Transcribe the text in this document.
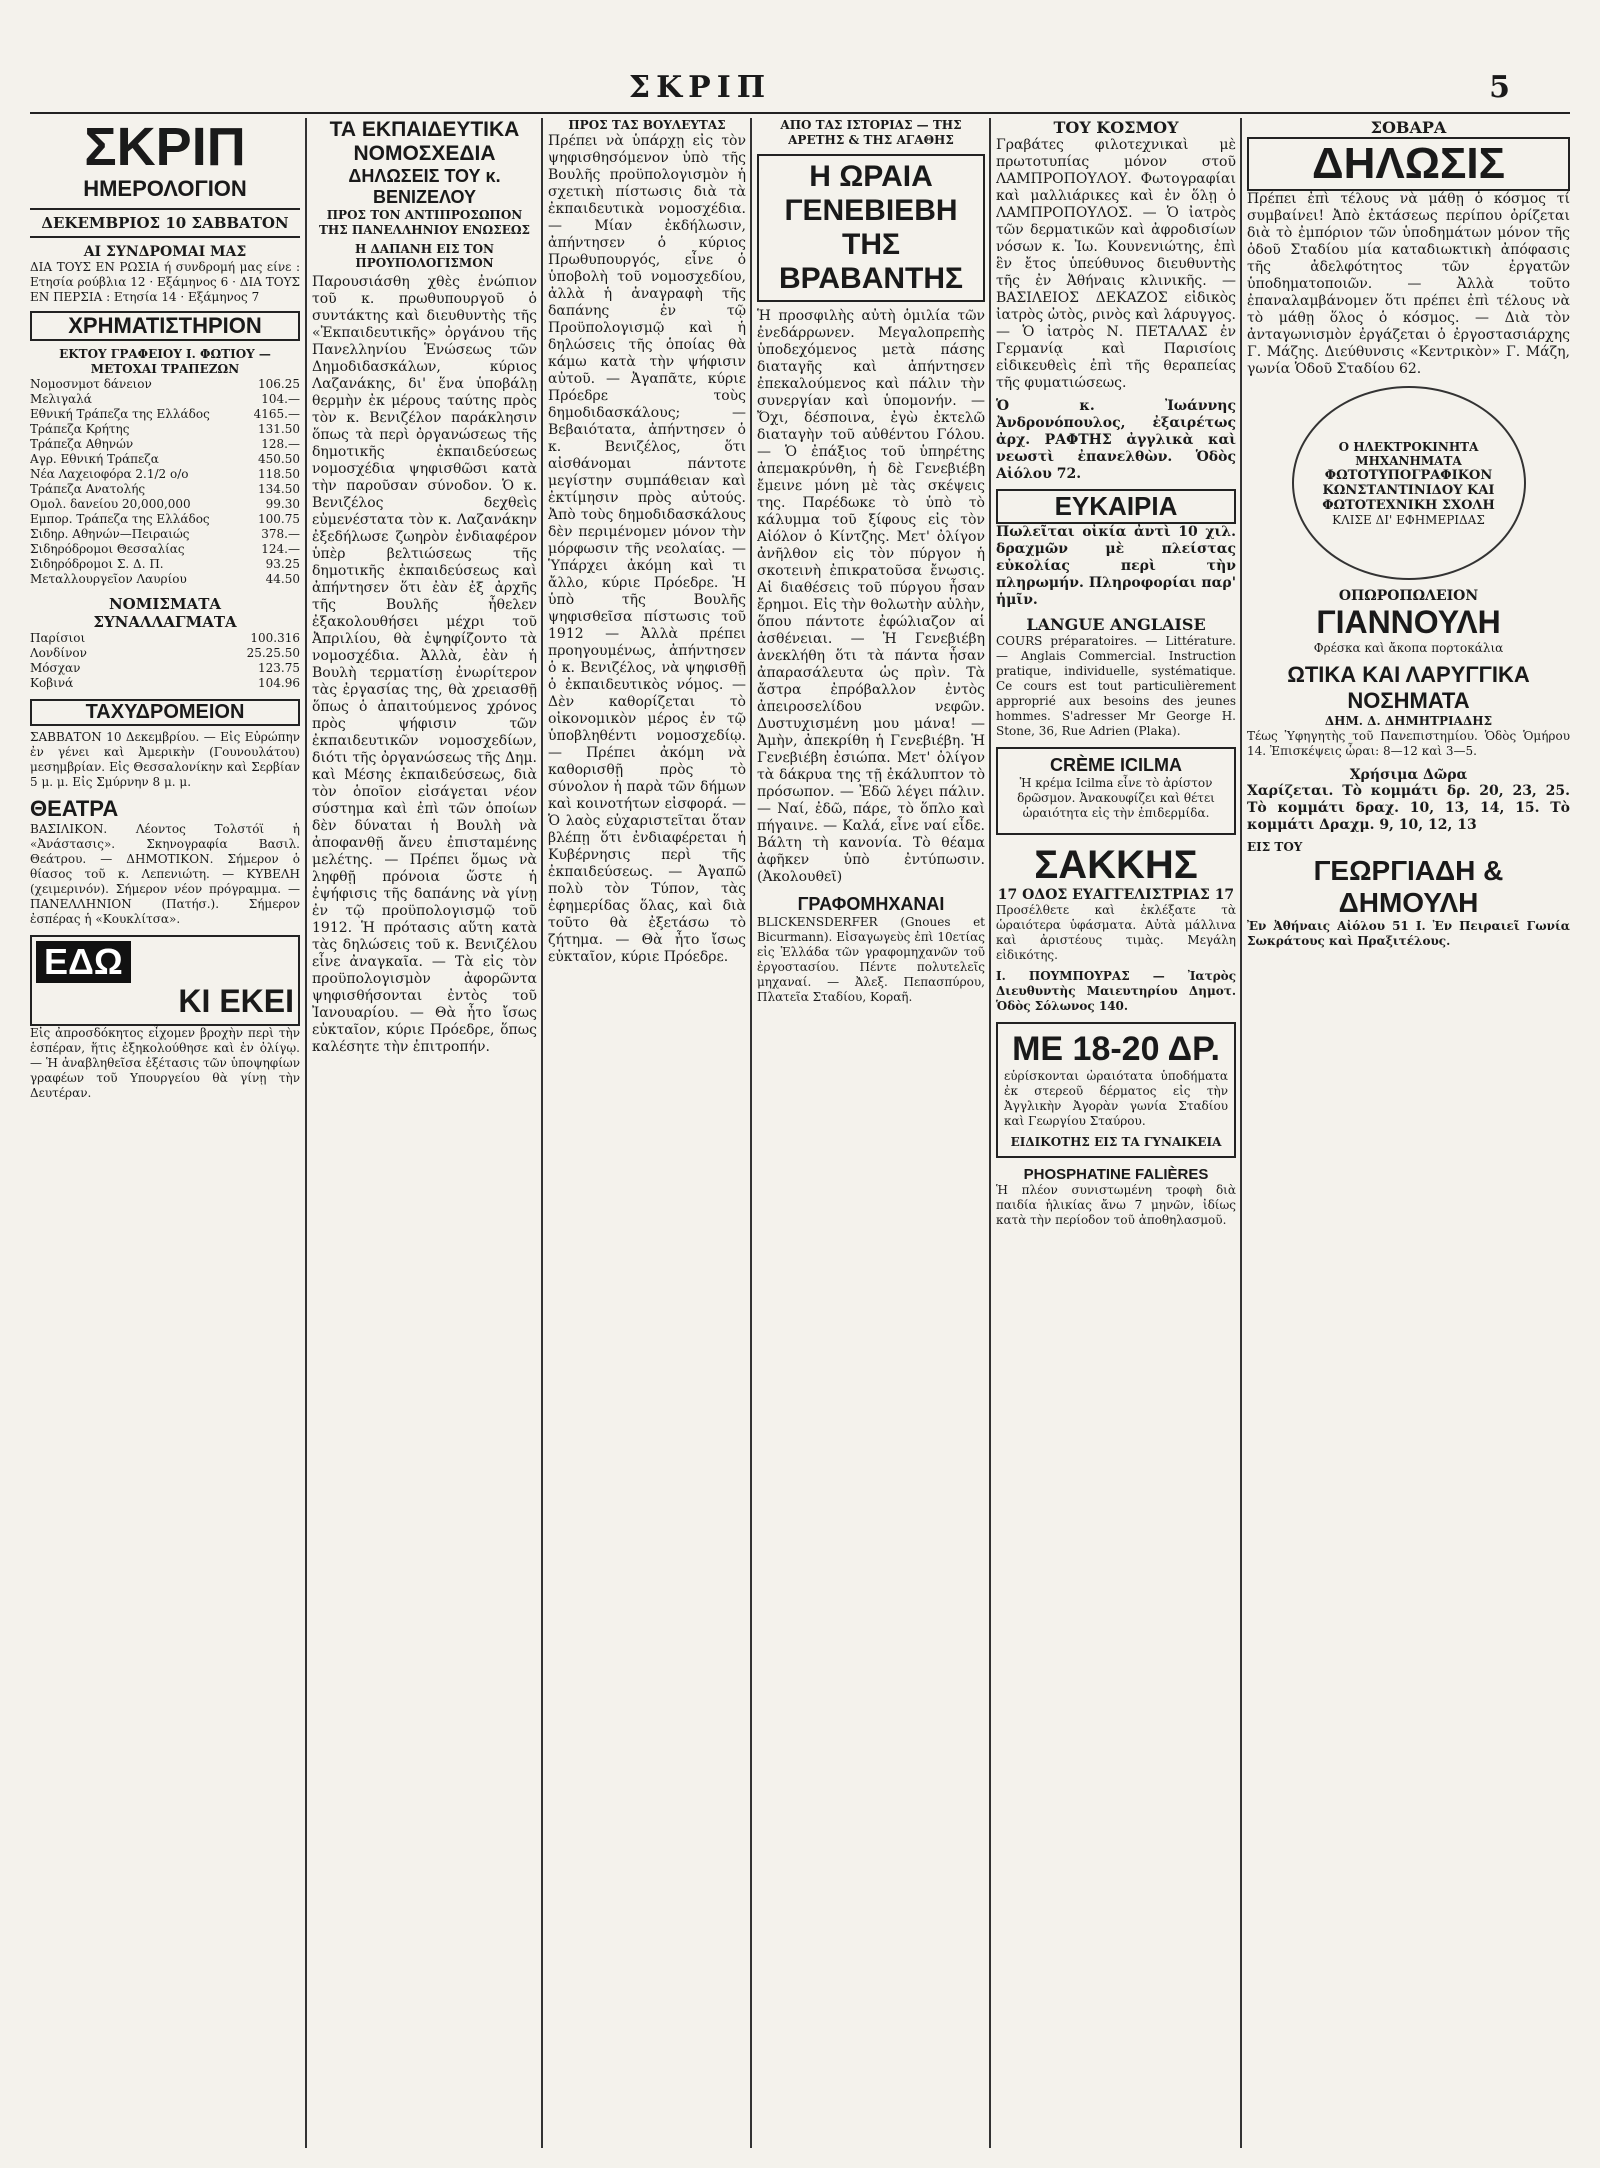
ΣΚΡΙΠ	5
ΣΚΡΙΠ
ΗΜΕΡΟΛΟΓΙΟΝ
ΔΕΚΕΜΒΡΙΟΣ 10 ΣΑΒΒΑΤΟΝ
ΑΙ ΣΥΝΔΡΟΜΑΙ ΜΑΣ

ΔΙΑ ΤΟΥΣ ΕΝ ΡΩΣΙΑ ή συνδρομή μας είνε : Ετησία ρούβλια 12 · Εξάμηνος 6 · ΔΙΑ ΤΟΥΣ ΕΝ ΠΕΡΣΙΑ : Ετησία 14 · Εξάμηνος 7

ΧΡΗΜΑΤΙΣΤΗΡΙΟΝ
ΕΚΤΟΥ ΓΡΑΦΕΙΟΥ Ι. ΦΩΤΙΟΥ — ΜΕΤΟΧΑΙ ΤΡΑΠΕΖΩΝ
Νομοσνμοτ δάνειον	106.25
Μελιγαλά	104.—
Εθνική Τράπεζα της Ελλάδος	4165.—
Τράπεζα Κρήτης	131.50
Τράπεζα Αθηνών	128.—
Αγρ. Εθνική Τράπεζα	450.50
Νέα Λαχειοφόρα 2.1/2 ο/ο	118.50
Τράπεζα Ανατολής	134.50
Ομολ. δανείου 20,000,000	99.30
Εμπορ. Τράπεζα της Ελλάδος	100.75
Σιδηρ. Αθηνών—Πειραιώς	378.—
Σιδηρόδρομοι Θεσσαλίας	124.—
Σιδηρόδρομοι Σ. Δ. Π.	93.25
Μεταλλουργεῖον Λαυρίου	44.50
ΝΟΜΙΣΜΑΤΑ
ΣΥΝΑΛΛΑΓΜΑΤΑ
Παρίσιοι	100.316
Λονδίνον	25.25.50
Μόσχαν	123.75
Κοβινά	104.96
ΤΑΧΥΔΡΟΜΕΙΟΝ

ΣΑΒΒΑΤΟΝ 10 Δεκεμβρίου. — Εἰς Εὐρώπην ἐν γένει καὶ Ἀμερικὴν (Γουνουλάτου) μεσημβρίαν. Εἰς Θεσσαλονίκην καὶ Σερβίαν 5 μ. μ. Εἰς Σμύρνην 8 μ. μ.

ΘΕΑΤΡΑ

ΒΑΣΙΛΙΚΟΝ. Λέοντος Τολστόϊ ἡ «Ἀνάστασις». Σκηνογραφία Βασιλ. Θεάτρου. — ΔΗΜΟΤΙΚΟΝ. Σήμερον ὁ θίασος τοῦ κ. Λεπενιώτη. — ΚΥΒΕΛΗ (χειμερινόν). Σήμερον νέον πρόγραμμα. — ΠΑΝΕΛΛΗΝΙΟΝ (Πατήσ.). Σήμερον ἐσπέρας ἡ «Κουκλίτσα».

ΕΔΩ
ΚΙ ΕΚΕΙ

Εἰς ἀπροσδόκητος εἶχομεν βροχὴν περὶ τὴν ἑσπέραν, ἥτις ἐξηκολούθησε καὶ ἐν ὀλίγῳ. — Ἡ ἀναβληθεῖσα ἐξέτασις τῶν ὑποψηφίων γραφέων τοῦ Υπουργείου θὰ γίνῃ τὴν Δευτέραν.

ΤΑ ΕΚΠΑΙΔΕΥΤΙΚΑ ΝΟΜΟΣΧΕΔΙΑ
ΔΗΛΩΣΕΙΣ ΤΟΥ κ. ΒΕΝΙΖΕΛΟΥ
ΠΡΟΣ ΤΟΝ ΑΝΤΙΠΡΟΣΩΠΟΝ ΤΗΣ ΠΑΝΕΛΛΗΝΙΟΥ ΕΝΩΣΕΩΣ
Η ΔΑΠΑΝΗ ΕΙΣ ΤΟΝ ΠΡΟΥΠΟΛΟΓΙΣΜΟΝ

Παρουσιάσθη χθὲς ἐνώπιον τοῦ κ. πρωθυπουργοῦ ὁ συντάκτης καὶ διευθυντὴς τῆς «Ἐκπαιδευτικῆς» ὀργάνου τῆς Πανελληνίου Ἑνώσεως τῶν Δημοδιδασκάλων, κύριος Λαζανάκης, δι' ἕνα ὑποβάλῃ θερμὴν ἐκ μέρους ταύτης πρὸς τὸν κ. Βενιζέλον παράκλησιν ὅπως τὰ περὶ ὀργανώσεως τῆς δημοτικῆς ἐκπαιδεύσεως νομοσχέδια ψηφισθῶσι κατὰ τὴν παροῦσαν σύνοδον. Ὁ κ. Βενιζέλος δεχθεὶς εὐμενέστατα τὸν κ. Λαζανάκην ἐξεδήλωσε ζωηρὸν ἐνδιαφέρον ὑπὲρ βελτιώσεως τῆς δημοτικῆς ἐκπαιδεύσεως καὶ ἀπήντησεν ὅτι ἐὰν ἐξ ἀρχῆς τῆς Βουλῆς ἦθελεν ἐξακολουθήσει μέχρι τοῦ Ἀπριλίου, θὰ ἐψηφίζοντο τὰ νομοσχέδια. Ἀλλὰ, ἐὰν ἡ Βουλὴ τερματίσῃ ἐνωρίτερον τὰς ἐργασίας της, θὰ χρειασθῇ ὅπως ὁ ἀπαιτούμενος χρόνος πρὸς ψήφισιν τῶν ἐκπαιδευτικῶν νομοσχεδίων, διότι τῆς ὀργανώσεως τῆς Δημ. καὶ Μέσης ἐκπαιδεύσεως, διὰ τὸν ὁποῖον εἰσάγεται νέον σύστημα καὶ ἐπὶ τῶν ὁποίων δὲν δύναται ἡ Βουλὴ νὰ ἀποφανθῇ ἄνευ ἐπισταμένης μελέτης. — Πρέπει ὅμως νὰ ληφθῇ πρόνοια ὥστε ἡ ἐψήφισις τῆς δαπάνης νὰ γίνῃ ἐν τῷ προϋπολογισμῷ τοῦ 1912. Ἡ πρότασις αὕτη κατὰ τὰς δηλώσεις τοῦ κ. Βενιζέλου εἶνε ἀναγκαῖα. — Τὰ εἰς τὸν προϋπολογισμὸν ἀφορῶντα ψηφισθήσονται ἐντὸς τοῦ Ἰανουαρίου. — Θὰ ἦτο ἴσως εὐκταῖον, κύριε Πρόεδρε, ὅπως καλέσητε τὴν ἐπιτροπήν.

ΠΡΟΣ ΤΑΣ ΒΟΥΛΕΥΤΑΣ

Πρέπει νὰ ὑπάρχῃ εἰς τὸν ψηφισθησόμενον ὑπὸ τῆς Βουλῆς προϋπολογισμὸν ἡ σχετικὴ πίστωσις διὰ τὰ ἐκπαιδευτικὰ νομοσχέδια. — Μίαν ἐκδήλωσιν, ἀπήντησεν ὁ κύριος Πρωθυπουργός, εἶνε ὁ ὑποβολὴ τοῦ νομοσχεδίου, ἀλλὰ ἡ ἀναγραφὴ τῆς δαπάνης ἐν τῷ Προϋπολογισμῷ καὶ ἡ δηλώσεις τῆς ὁποίας θὰ κάμω κατὰ τὴν ψήφισιν αὐτοῦ. — Ἀγαπᾶτε, κύριε Πρόεδρε τοὺς δημοδιδασκάλους; — Βεβαιότατα, ἀπήντησεν ὁ κ. Βενιζέλος, ὅτι αἰσθάνομαι πάντοτε μεγίστην συμπάθειαν καὶ ἐκτίμησιν πρὸς αὐτούς. Ἀπὸ τοὺς δημοδιδασκάλους δὲν περιμένομεν μόνον τὴν μόρφωσιν τῆς νεολαίας. — Ὑπάρχει ἀκόμη καὶ τι ἄλλο, κύριε Πρόεδρε. Ἡ ὑπὸ τῆς Βουλῆς ψηφισθεῖσα πίστωσις τοῦ 1912 — Ἀλλὰ πρέπει προηγουμένως, ἀπήντησεν ὁ κ. Βενιζέλος, νὰ ψηφισθῇ ὁ ἐκπαιδευτικὸς νόμος. — Δὲν καθορίζεται τὸ οἰκονομικὸν μέρος ἐν τῷ ὑποβληθέντι νομοσχεδίῳ. — Πρέπει ἀκόμη νὰ καθορισθῇ πρὸς τὸ σύνολον ἡ παρὰ τῶν δήμων καὶ κοινοτήτων εἰσφορά. — Ὁ λαὸς εὐχαριστεῖται ὅταν βλέπῃ ὅτι ἐνδιαφέρεται ἡ Κυβέρνησις περὶ τῆς ἐκπαιδεύσεως. — Ἀγαπῶ πολὺ τὸν Τύπον, τὰς ἐφημερίδας ὅλας, καὶ διὰ τοῦτο θὰ ἐξετάσω τὸ ζήτημα. — Θὰ ἦτο ἴσως εὐκταῖον, κύριε Πρόεδρε.

ΑΠΟ ΤΑΣ ΙΣΤΟΡΙΑΣ — ΤΗΣ ΑΡΕΤΗΣ & ΤΗΣ ΑΓΑΘΗΣ
Η ΩΡΑΙΑ ΓΕΝΕΒΙΕΒΗ ΤΗΣ ΒΡΑΒΑΝΤΗΣ

Ἡ προσφιλὴς αὐτὴ ὁμιλία τῶν ἐνεδάρρωνεν. Μεγαλοπρεπὴς ὑποδεχόμενος μετὰ πάσης διαταγῆς καὶ ἀπήντησεν ἐπεκαλούμενος καὶ πάλιν τὴν συνεργίαν καὶ ὑπομονήν. — Ὄχι, δέσποινα, ἐγὼ ἐκτελῶ διαταγὴν τοῦ αὐθέντου Γόλου. — Ὁ ἐπάξιος τοῦ ὑπηρέτης ἀπεμακρύνθη, ἡ δὲ Γενεβιέβη ἔμεινε μόνη μὲ τὰς σκέψεις της. Παρέδωκε τὸ ὑπὸ τὸ κάλυμμα τοῦ ξίφους εἰς τὸν Αἰόλον ὁ Κίντζης. Μετ' ὀλίγον ἀνῆλθον εἰς τὸν πύργον ἡ σκοτεινὴ ἐπικρατοῦσα ἔνωσις. Αἱ διαθέσεις τοῦ πύργου ἦσαν ἔρημοι. Εἰς τὴν θολωτὴν αὐλὴν, ὅπου πάντοτε ἐφώλιαζον αἱ ἀσθένειαι. — Ἡ Γενεβιέβη ἀνεκλήθη ὅτι τὰ πάντα ἦσαν ἀπαρασάλευτα ὡς πρὶν. Τὰ ἄστρα ἐπρόβαλλον ἐντὸς ἀπειροσελίδου νεφῶν. Δυστυχισμένη μου μάνα! — Ἀμὴν, ἀπεκρίθη ἡ Γενεβιέβη. Ἡ Γενεβιέβη ἐσιώπα. Μετ' ὀλίγον τὰ δάκρυα της τῇ ἐκάλυπτον τὸ πρόσωπον. — Ἐδῶ λέγει πάλιν. — Ναί, ἐδῶ, πάρε, τὸ ὅπλο καὶ πήγαινε. — Καλά, εἶνε ναί εἶδε. Βάλτη τὴ κανονία. Τὸ θέαμα ἀφῆκεν ὑπὸ ἐντύπωσιν. (Ἀκολουθεῖ)

ΓΡΑΦΟΜΗΧΑΝΑΙ

BLICKENSDERFER (Gnoues et Bicurmann). Εἰσαγωγεὺς ἐπὶ 10ετίας εἰς Ἑλλάδα τῶν γραφομηχανῶν τοῦ ἐργοστασίου. Πέντε πολυτελεῖς μηχαναί. — Ἀλεξ. Πεπασπύρου, Πλατεῖα Σταδίου, Κοραῆ.

ΤΟΥ ΚΟΣΜΟΥ

Γραβάτες φιλοτεχνικαὶ μὲ πρωτοτυπίας μόνον στοῦ ΛΑΜΠΡΟΠΟΥΛΟΥ. Φωτογραφίαι καὶ μαλλιάρικες καὶ ἐν ὅλῃ ὁ ΛΑΜΠΡΟΠΟΥΛΟΣ. — Ὁ ἰατρὸς τῶν δερματικῶν καὶ ἀφροδισίων νόσων κ. Ἰω. Κουνενιώτης, ἐπὶ ἓν ἔτος ὑπεύθυνος διευθυντὴς τῆς ἐν Ἀθήναις κλινικῆς. — ΒΑΣΙΛΕΙΟΣ ΔΕΚΑΖΟΣ εἰδικὸς ἰατρὸς ὠτὸς, ρινὸς καὶ λάρυγγος. — Ὁ ἰατρὸς Ν. ΠΕΤΑΛΑΣ ἐν Γερμανίᾳ καὶ Παρισίοις εἰδικευθεὶς ἐπὶ τῆς θεραπείας τῆς φυματιώσεως.

Ὁ κ. Ἰωάννης Ἀνδρονόπουλος, ἐξαιρέτως ἀρχ. ΡΑΦΤΗΣ ἀγγλικὰ καὶ νεωστὶ ἐπανελθὼν. Ὁδὸς Αἰόλου 72.

ΕΥΚΑΙΡΙΑ

Πωλεῖται οἰκία ἀντὶ 10 χιλ. δραχμῶν μὲ πλείστας εὐκολίας περὶ τὴν πληρωμήν. Πληροφορίαι παρ' ἡμῖν.

LANGUE ANGLAISE

COURS préparatoires. — Littérature. — Anglais Commercial. Instruction pratique, individuelle, systématique. Ce cours est tout particulièrement approprié aux besoins des jeunes hommes. S'adresser Mr George H. Stone, 36, Rue Adrien (Plaka).

CRÈME ICILMA

Ἡ κρέμα Icilma εἶνε τὸ ἀρίστον δρῶσμον. Ἀνακουφίζει καὶ θέτει ὡραιότητα εἰς τὴν ἐπιδερμίδα.

ΣΑΚΚΗΣ
17 ΟΔΟΣ ΕΥΑΓΓΕΛΙΣΤΡΙΑΣ 17

Προσέλθετε καὶ ἐκλέξατε τὰ ὡραιότερα ὑφάσματα. Αὐτὰ μάλλινα καὶ ἀριστέους τιμὰς. Μεγάλη εἰδικότης.

Ι. ΠΟΥΜΠΟΥΡΑΣ — Ἰατρὸς Διευθυντὴς Μαιευτηρίου Δημοτ. Ὁδὸς Σόλωνος 140.

ΜΕ 18-20 ΔΡ.

εὑρίσκονται ὠραιότατα ὑποδήματα ἐκ στερεοῦ δέρματος εἰς τὴν Ἀγγλικὴν Ἀγορὰν γωνία Σταδίου καὶ Γεωργίου Σταύρου.

ΕΙΔΙΚΟΤΗΣ ΕΙΣ ΤΑ ΓΥΝΑΙΚΕΙΑ
PHOSPHATINE FALIÈRES

Ἡ πλέον συνιστωμένη τροφὴ διὰ παιδία ἡλικίας ἄνω 7 μηνῶν, ἰδίως κατὰ τὴν περίοδον τοῦ ἀποθηλασμοῦ.

ΣΟΒΑΡΑ
ΔΗΛΩΣΙΣ

Πρέπει ἐπὶ τέλους νὰ μάθῃ ὁ κόσμος τί συμβαίνει! Ἀπὸ ἐκτάσεως περίπου ὀρίζεται διὰ τὸ ἐμπόριον τῶν ὑποδημάτων μόνον τῆς ὁδοῦ Σταδίου μία καταδιωκτικὴ ἀπόφασις τῆς ἀδελφότητος τῶν ἐργατῶν ὑποδηματοποιῶν. — Ἀλλὰ τοῦτο ἐπαναλαμβάνομεν ὅτι πρέπει ἐπὶ τέλους νὰ τὸ μάθῃ ὅλος ὁ κόσμος. — Διὰ τὸν ἀνταγωνισμὸν ἐργάζεται ὁ ἐργοστασιάρχης Γ. Μάζης. Διεύθυνσις «Κεντρικὸν» Γ. Μάζη, γωνία Ὁδοῦ Σταδίου 62.

Ο ΗΛΕΚΤΡΟΚΙΝΗΤΑ ΜΗΧΑΝΗΜΑΤΑ
ΦΩΤΟΤΥΠΟΓΡΑΦΙΚΟΝ ΚΩΝΣΤΑΝΤΙΝΙΔΟΥ ΚΑΙ ΦΩΤΟΤΕΧΝΙΚΗ ΣΧΟΛΗ
ΚΛΙΣΕ ΔΙ' ΕΦΗΜΕΡΙΔΑΣ
ΟΠΩΡΟΠΩΛΕΙΟΝ
ΓΙΑΝΝΟΥΛΗ
Φρέσκα καὶ ἄκοπα πορτοκάλια
ΩΤΙΚΑ ΚΑΙ ΛΑΡΥΓΓΙΚΑ ΝΟΣΗΜΑΤΑ
ΔΗΜ. Δ. ΔΗΜΗΤΡΙΑΔΗΣ

Τέως Ὑφηγητὴς τοῦ Πανεπιστημίου. Ὁδὸς Ὁμήρου 14. Ἐπισκέψεις ὧραι: 8—12 καὶ 3—5.

Χρήσιμα Δῶρα

Χαρίζεται. Τὸ κομμάτι δρ. 20, 23, 25. Τὸ κομμάτι δραχ. 10, 13, 14, 15. Τὸ κομμάτι Δραχμ. 9, 10, 12, 13

ΕΙΣ ΤΟΥ
ΓΕΩΡΓΙΑΔΗ & ΔΗΜΟΥΛΗ

Ἐν Ἀθήναις Αἰόλου 51 Ι. Ἐν Πειραιεῖ Γωνία Σωκράτους καὶ Πραξιτέλους.
